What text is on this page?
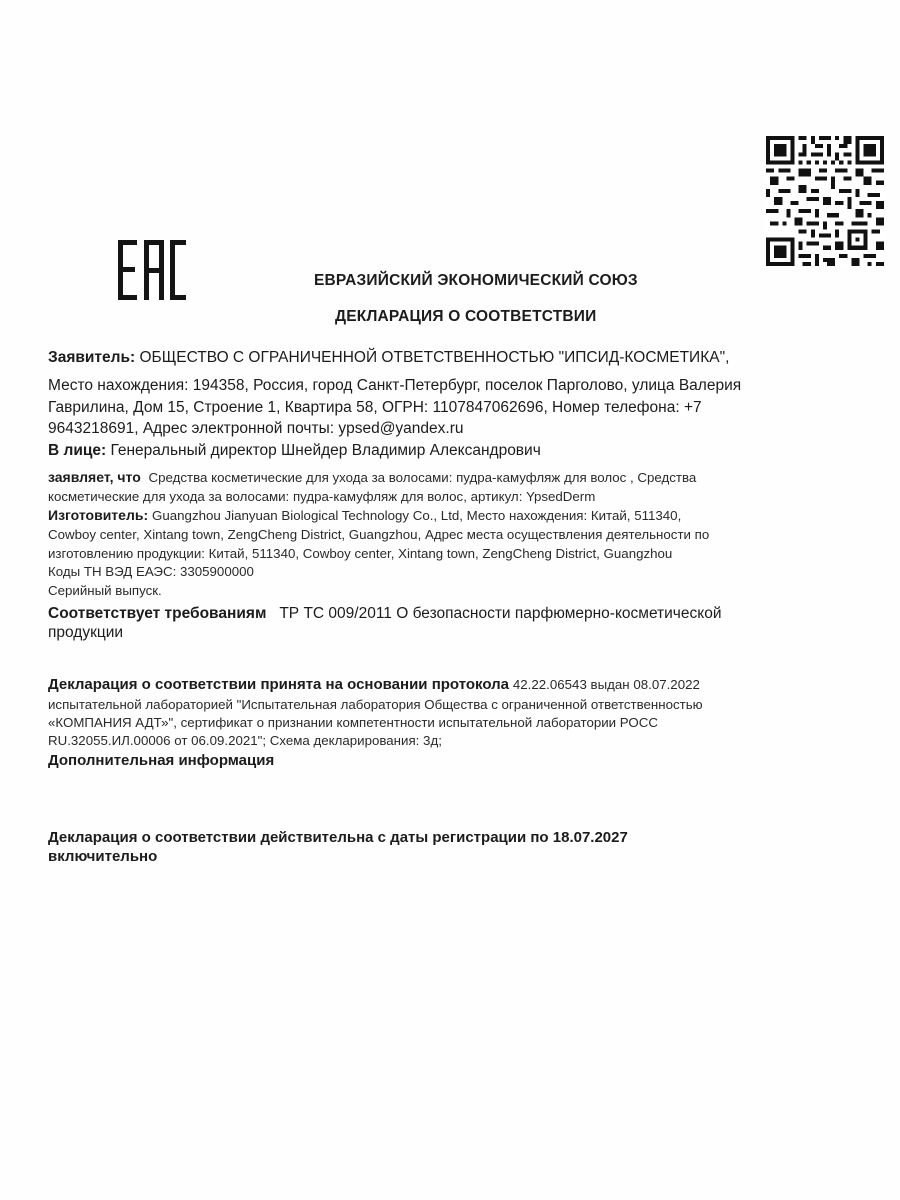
ЕВРАЗИЙСКИЙ ЭКОНОМИЧЕСКИЙ СОЮЗ
ДЕКЛАРАЦИЯ О СООТВЕТСТВИИ
Заявитель: ОБЩЕСТВО С ОГРАНИЧЕННОЙ ОТВЕТСТВЕННОСТЬЮ "ИПСИД-КОСМЕТИКА",
Место нахождения: 194358, Россия, город Санкт-Петербург, поселок Парголово, улица Валерия
Гаврилина, Дом 15, Строение 1, Квартира 58, ОГРН: 1107847062696, Номер телефона: +7
9643218691, Адрес электронной почты: ypsed@yandex.ru
В лице: Генеральный директор Шнейдер Владимир Александрович
заявляет, что Средства косметические для ухода за волосами: пудра-камуфляж для волос , Средства
косметические для ухода за волосами: пудра-камуфляж для волос, артикул: YpsedDerm
Изготовитель: Guangzhou Jianyuan Biological Technology Co., Ltd, Место нахождения: Китай, 511340,
Cowboy center, Xintang town, ZengCheng District, Guangzhou, Адрес места осуществления деятельности по
изготовлению продукции: Китай, 511340, Cowboy center, Xintang town, ZengCheng District, Guangzhou
Коды ТН ВЭД ЕАЭС: 3305900000
Серийный выпуск.
Соответствует требованиям ТР ТС 009/2011 О безопасности парфюмерно-косметической
продукции
Декларация о соответствии принята на основании протокола 42.22.06543 выдан 08.07.2022
испытательной лабораторией "Испытательная лаборатория Общества с ограниченной ответственностью
«КОМПАНИЯ АДТ»", сертификат о признании компетентности испытательной лаборатории РОСС
RU.32055.ИЛ.00006 от 06.09.2021"; Схема декларирования: 3д;
Дополнительная информация
Декларация о соответствии действительна с даты регистрации по 18.07.2027
включительно
